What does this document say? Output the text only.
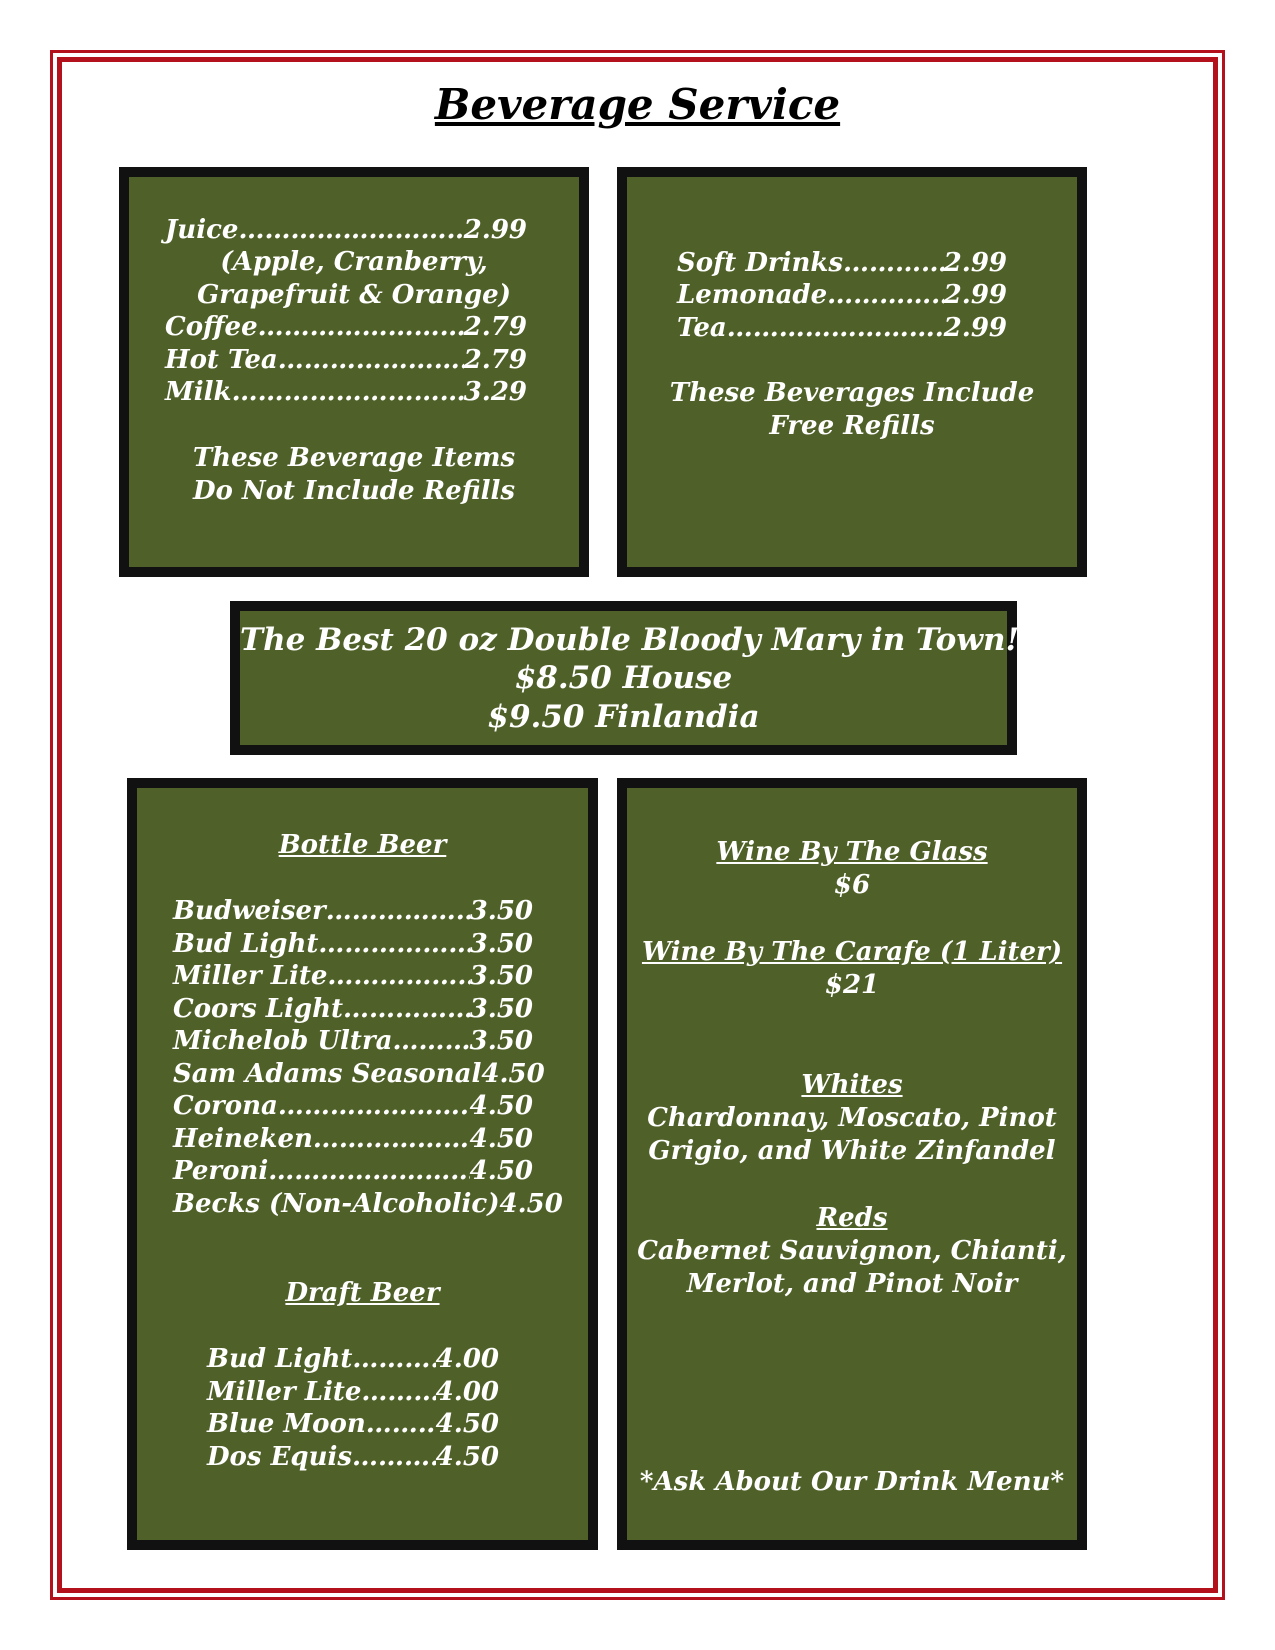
Beverage Service
Juice ………………………………………………………………………………	2.99
(Apple, Cranberry,
Grapefruit & Orange)
Coffee ………………………………………………………………………………	2.79
Hot Tea ………………………………………………………………………………	2.79
Milk ………………………………………………………………………………	3.29
These Beverage Items
Do Not Include Refills
Soft Drinks ………………………………………………………………………………	2.99
Lemonade ………………………………………………………………………………	2.99
Tea ………………………………………………………………………………	2.99
These Beverages Include
Free Refills
The Best 20 oz Double Bloody Mary in Town!
$8.50 House
$9.50 Finlandia
Bottle Beer
Budweiser ………………………………………………………………………………	3.50
Bud Light ………………………………………………………………………………	3.50
Miller Lite ………………………………………………………………………………	3.50
Coors Light ………………………………………………………………………………	3.50
Michelob Ultra ………………………………………………………………………………	3.50
Sam Adams Seasonal 4.50
Corona ………………………………………………………………………………	4.50
Heineken ………………………………………………………………………………	4.50
Peroni ………………………………………………………………………………	4.50
Becks (Non-Alcoholic) 4.50
Draft Beer
Bud Light ………………………………………………………………………………	4.00
Miller Lite ………………………………………………………………………………	4.00
Blue Moon ………………………………………………………………………………	4.50
Dos Equis ………………………………………………………………………………	4.50
Wine By The Glass
$6
Wine By The Carafe (1 Liter)
$21
Whites
Chardonnay, Moscato, Pinot
Grigio, and White Zinfandel
Reds
Cabernet Sauvignon, Chianti,
Merlot, and Pinot Noir
*Ask About Our Drink Menu*
